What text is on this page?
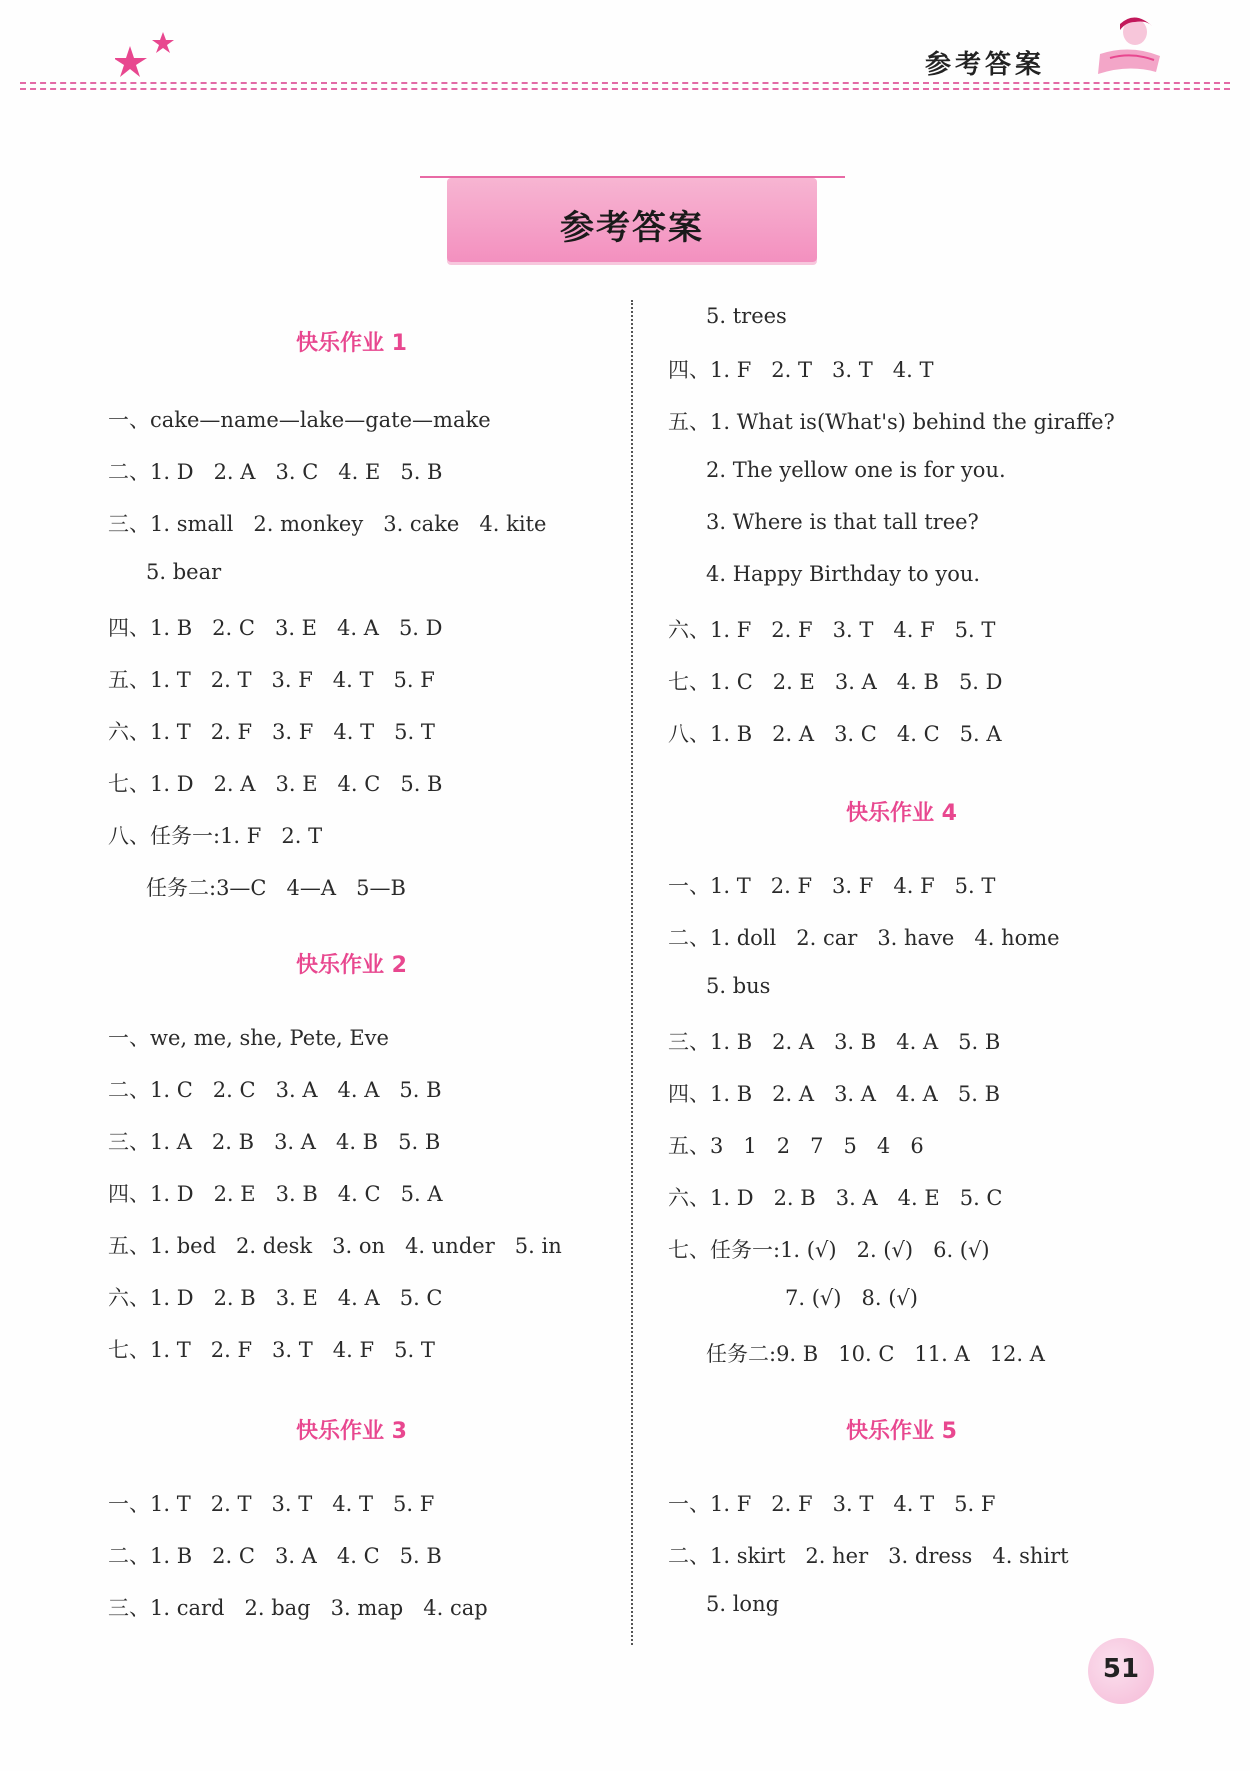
参考答案
参考答案
快乐作业 1
一、cake—name—lake—gate—make
二、1. D   2. A   3. C   4. E   5. B
三、1. small   2. monkey   3. cake   4. kite
5. bear
四、1. B   2. C   3. E   4. A   5. D
五、1. T   2. T   3. F   4. T   5. F
六、1. T   2. F   3. F   4. T   5. T
七、1. D   2. A   3. E   4. C   5. B
八、任务一:1. F   2. T
任务二:3—C   4—A   5—B
快乐作业 2
一、we, me, she, Pete, Eve
二、1. C   2. C   3. A   4. A   5. B
三、1. A   2. B   3. A   4. B   5. B
四、1. D   2. E   3. B   4. C   5. A
五、1. bed   2. desk   3. on   4. under   5. in
六、1. D   2. B   3. E   4. A   5. C
七、1. T   2. F   3. T   4. F   5. T
快乐作业 3
一、1. T   2. T   3. T   4. T   5. F
二、1. B   2. C   3. A   4. C   5. B
三、1. card   2. bag   3. map   4. cap
5. trees
四、1. F   2. T   3. T   4. T
五、1. What is(What's) behind the giraffe?
2. The yellow one is for you.
3. Where is that tall tree?
4. Happy Birthday to you.
六、1. F   2. F   3. T   4. F   5. T
七、1. C   2. E   3. A   4. B   5. D
八、1. B   2. A   3. C   4. C   5. A
快乐作业 4
一、1. T   2. F   3. F   4. F   5. T
二、1. doll   2. car   3. have   4. home
5. bus
三、1. B   2. A   3. B   4. A   5. B
四、1. B   2. A   3. A   4. A   5. B
五、3   1   2   7   5   4   6
六、1. D   2. B   3. A   4. E   5. C
七、任务一:1. (√)   2. (√)   6. (√)
7. (√)   8. (√)
任务二:9. B   10. C   11. A   12. A
快乐作业 5
一、1. F   2. F   3. T   4. T   5. F
二、1. skirt   2. her   3. dress   4. shirt
5. long
51
